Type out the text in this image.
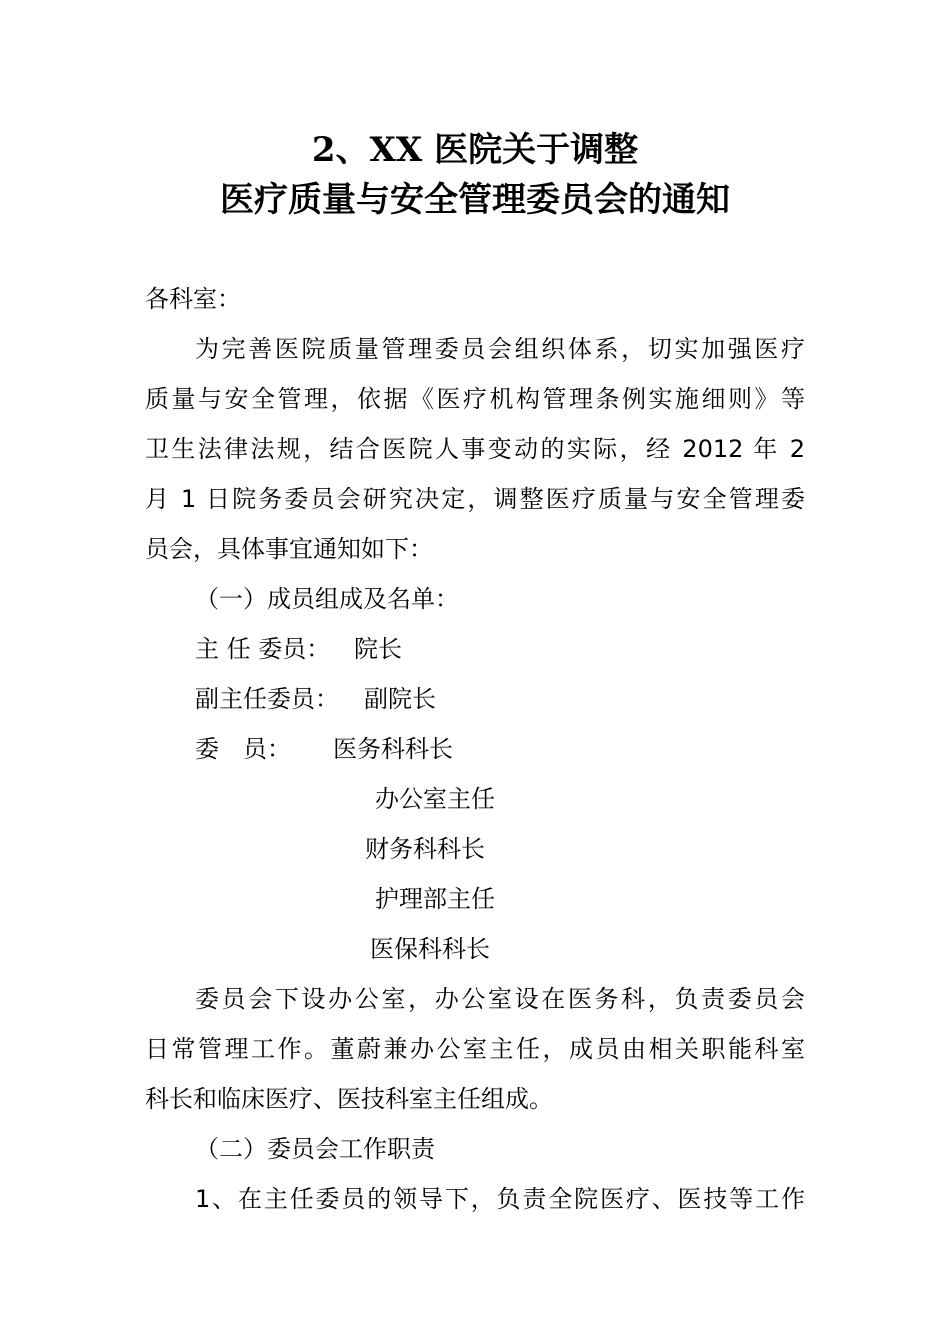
2、XX 医院关于调整
医疗质量与安全管理委员会的通知
各科室：
为完善医院质量管理委员会组织体系，切实加强医疗
质量与安全管理，依据《医疗机构管理条例实施细则》等
卫生法律法规，结合医院人事变动的实际，经 2012 年 2
月 1 日院务委员会研究决定，调整医疗质量与安全管理委
员会，具体事宜通知如下：
（一）成员组成及名单：
主 任 委员： 院长
副主任委员： 副院长
委　员： 医务科科长
办公室主任
财务科科长
护理部主任
医保科科长
委员会下设办公室，办公室设在医务科，负责委员会
日常管理工作。董蔚兼办公室主任，成员由相关职能科室
科长和临床医疗、医技科室主任组成。
（二）委员会工作职责
1、在主任委员的领导下，负责全院医疗、医技等工作
